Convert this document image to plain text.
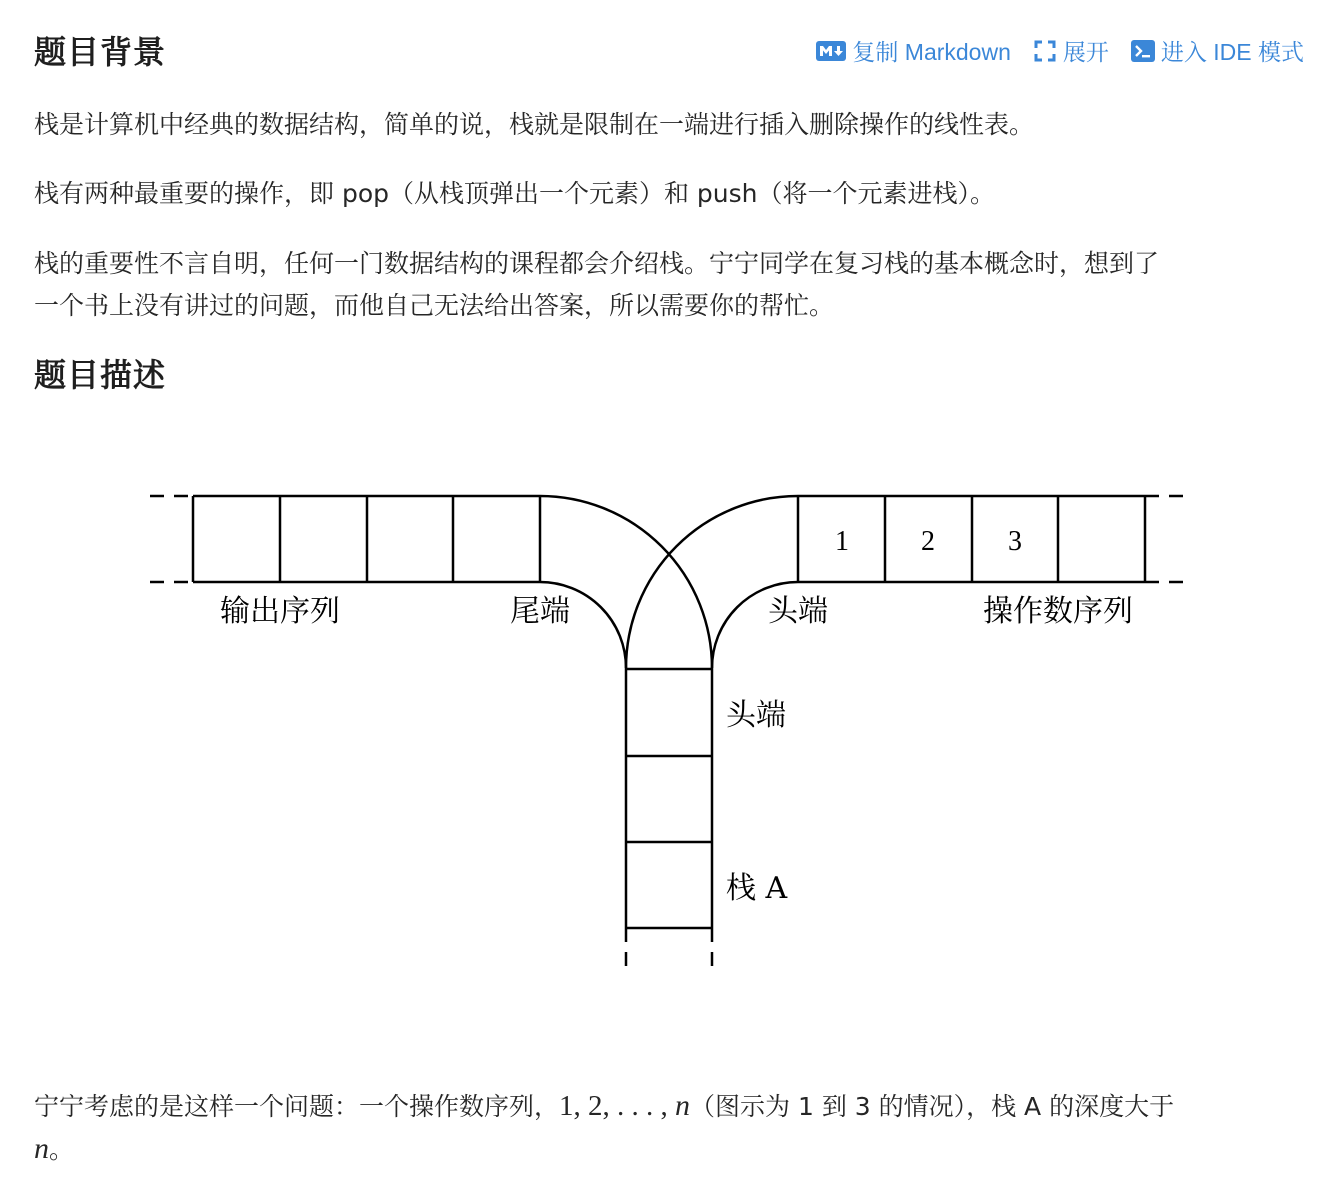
题目背景	复制 Markdown 展开 进入 IDE 模式

栈是计算机中经典的数据结构，简单的说，栈就是限制在一端进行插入删除操作的线性表。

栈有两种最重要的操作，即 pop（从栈顶弹出一个元素）和 push（将一个元素进栈）。

栈的重要性不言自明，任何一门数据结构的课程都会介绍栈。宁宁同学在复习栈的基本概念时，想到了
一个书上没有讲过的问题，而他自己无法给出答案，所以需要你的帮忙。

题目描述
1	2	3
输出序列	尾端	头端	操作数序列
头端
栈 A

宁宁考虑的是这样一个问题：一个操作数序列，1, 2, . . . , n（图示为 1 到 3 的情况），栈 A 的深度大于
n。
